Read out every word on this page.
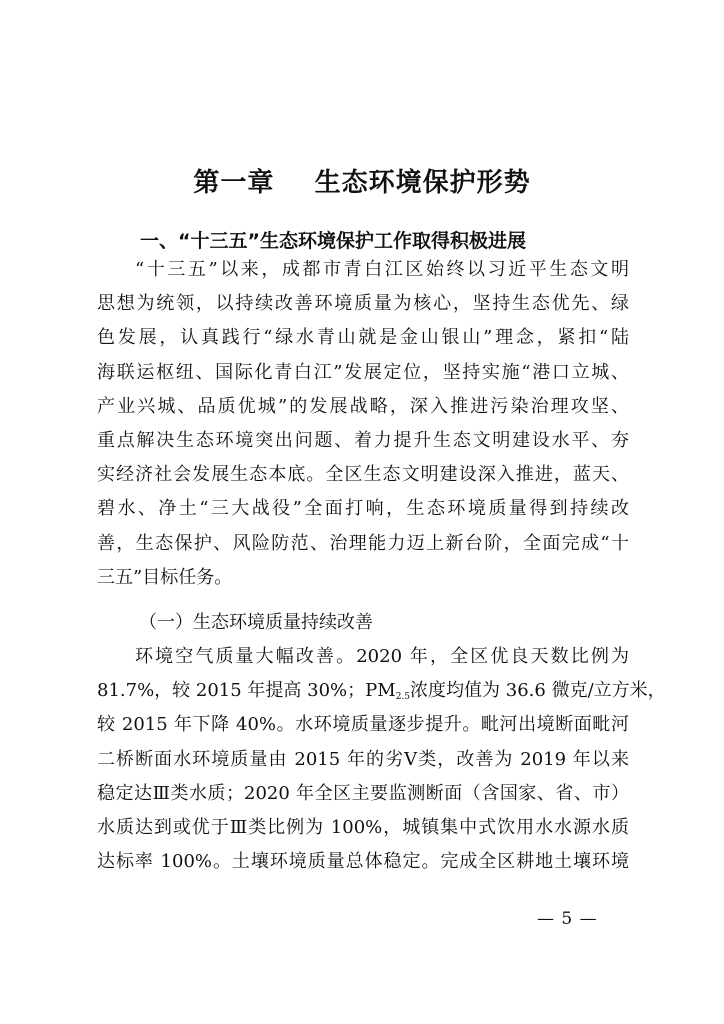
第一章    生态环境保护形势
一、“十三五”生态环境保护工作取得积极进展
“十三五”以来，成都市青白江区始终以习近平生态文明
思想为统领，以持续改善环境质量为核心，坚持生态优先、绿
色发展，认真践行“绿水青山就是金山银山”理念，紧扣“陆
海联运枢纽、国际化青白江”发展定位，坚持实施“港口立城、
产业兴城、品质优城”的发展战略，深入推进污染治理攻坚、
重点解决生态环境突出问题、着力提升生态文明建设水平、夯
实经济社会发展生态本底。全区生态文明建设深入推进，蓝天、
碧水、净土“三大战役”全面打响，生态环境质量得到持续改
善，生态保护、风险防范、治理能力迈上新台阶，全面完成“十
三五”目标任务。
（一）生态环境质量持续改善
环境空气质量大幅改善。2020 年，全区优良天数比例为
81.7%，较 2015 年提高 30%；$PM_{2.5}$浓度均值为 36.6 微克/立方米，
较 2015 年下降 40%。水环境质量逐步提升。毗河出境断面毗河
二桥断面水环境质量由 2015 年的劣Ⅴ类，改善为 2019 年以来
稳定达Ⅲ类水质；2020 年全区主要监测断面（含国家、省、市）
水质达到或优于Ⅲ类比例为 100%，城镇集中式饮用水水源水质
达标率 100%。土壤环境质量总体稳定。完成全区耕地土壤环境
— 5 —
